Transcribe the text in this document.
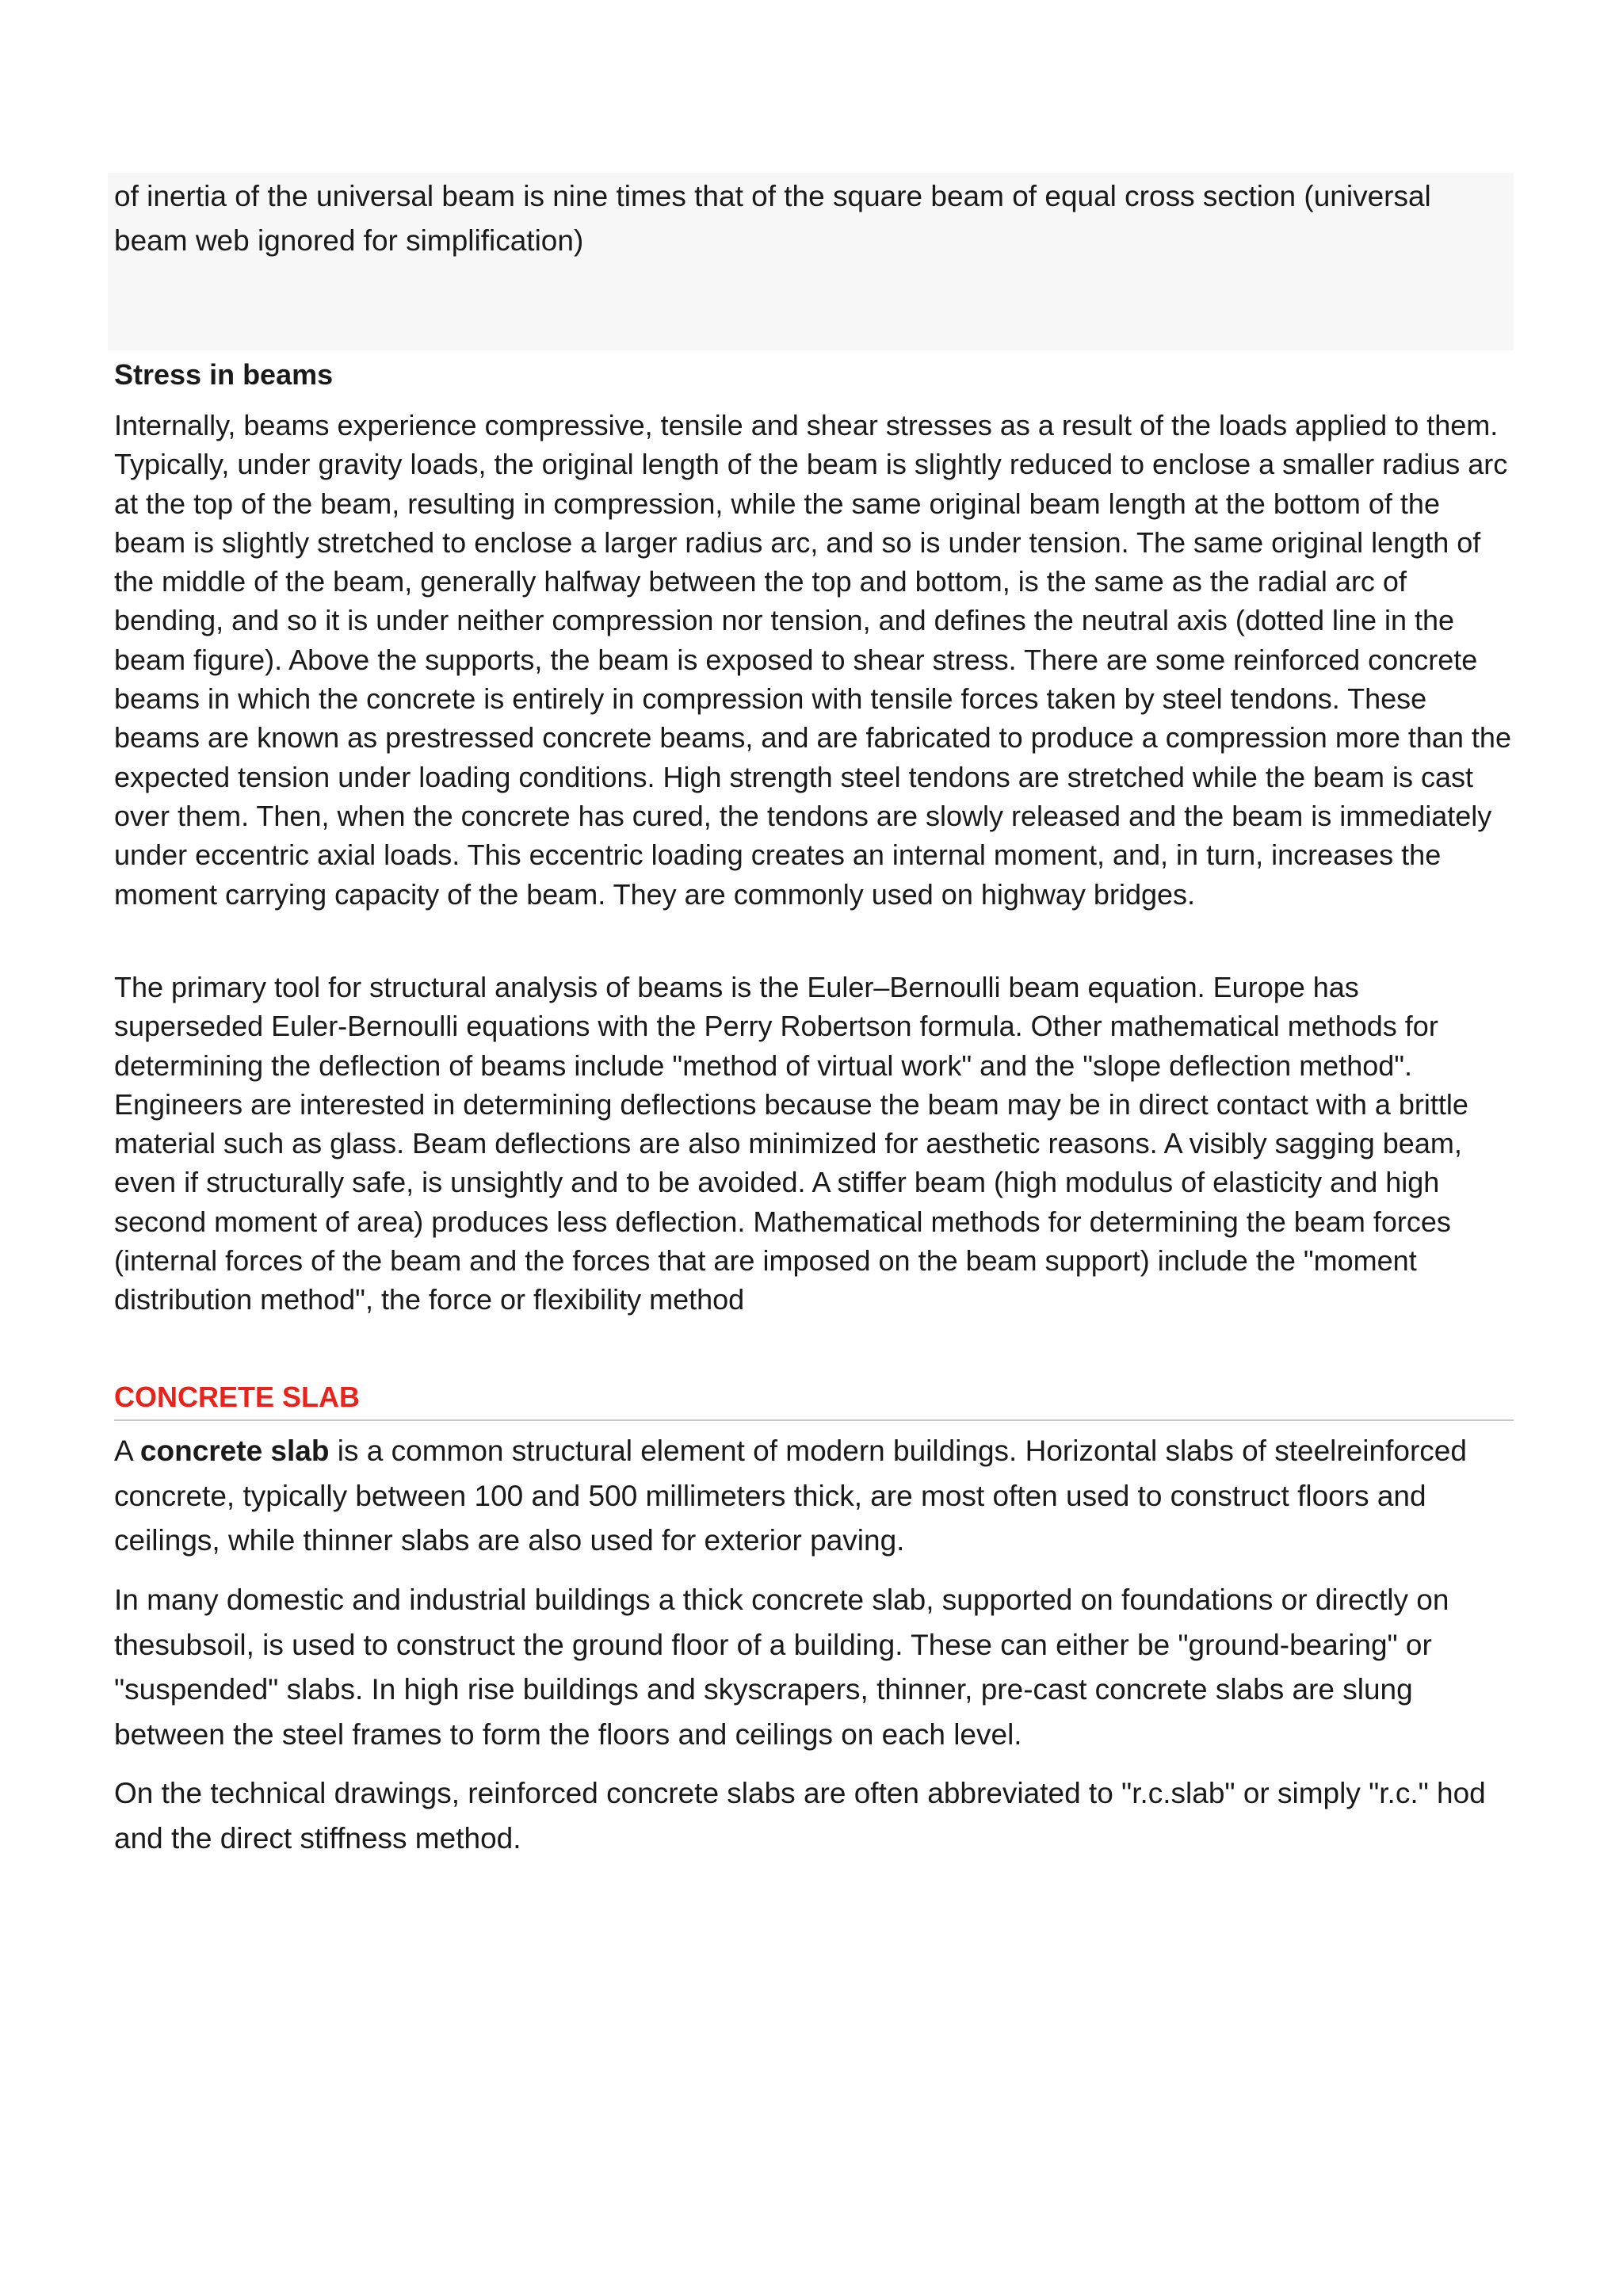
of inertia of the universal beam is nine times that of the square beam of equal cross section (universal beam web ignored for simplification)

Stress in beams

Internally, beams experience compressive, tensile and shear stresses as a result of the loads applied to them. Typically, under gravity loads, the original length of the beam is slightly reduced to enclose a smaller radius arc at the top of the beam, resulting in compression, while the same original beam length at the bottom of the beam is slightly stretched to enclose a larger radius arc, and so is under tension. The same original length of the middle of the beam, generally halfway between the top and bottom, is the same as the radial arc of bending, and so it is under neither compression nor tension, and defines the neutral axis (dotted line in the beam figure). Above the supports, the beam is exposed to shear stress. There are some reinforced concrete beams in which the concrete is entirely in compression with tensile forces taken by steel tendons. These beams are known as prestressed concrete beams, and are fabricated to produce a compression more than the expected tension under loading conditions. High strength steel tendons are stretched while the beam is cast over them. Then, when the concrete has cured, the tendons are slowly released and the beam is immediately under eccentric axial loads. This eccentric loading creates an internal moment, and, in turn, increases the moment carrying capacity of the beam. They are commonly used on highway bridges.

The primary tool for structural analysis of beams is the Euler–Bernoulli beam equation. Europe has superseded Euler-Bernoulli equations with the Perry Robertson formula. Other mathematical methods for determining the deflection of beams include "method of virtual work" and the "slope deflection method". Engineers are interested in determining deflections because the beam may be in direct contact with a brittle material such as glass. Beam deflections are also minimized for aesthetic reasons. A visibly sagging beam, even if structurally safe, is unsightly and to be avoided. A stiffer beam (high modulus of elasticity and high second moment of area) produces less deflection. Mathematical methods for determining the beam forces (internal forces of the beam and the forces that are imposed on the beam support) include the "moment distribution method", the force or flexibility method

CONCRETE SLAB

A concrete slab is a common structural element of modern buildings. Horizontal slabs of steelreinforced concrete, typically between 100 and 500 millimeters thick, are most often used to construct floors and ceilings, while thinner slabs are also used for exterior paving.

In many domestic and industrial buildings a thick concrete slab, supported on foundations or directly on thesubsoil, is used to construct the ground floor of a building. These can either be "ground-bearing" or "suspended" slabs. In high rise buildings and skyscrapers, thinner, pre-cast concrete slabs are slung between the steel frames to form the floors and ceilings on each level.

On the technical drawings, reinforced concrete slabs are often abbreviated to "r.c.slab" or simply "r.c." hod and the direct stiffness method.
